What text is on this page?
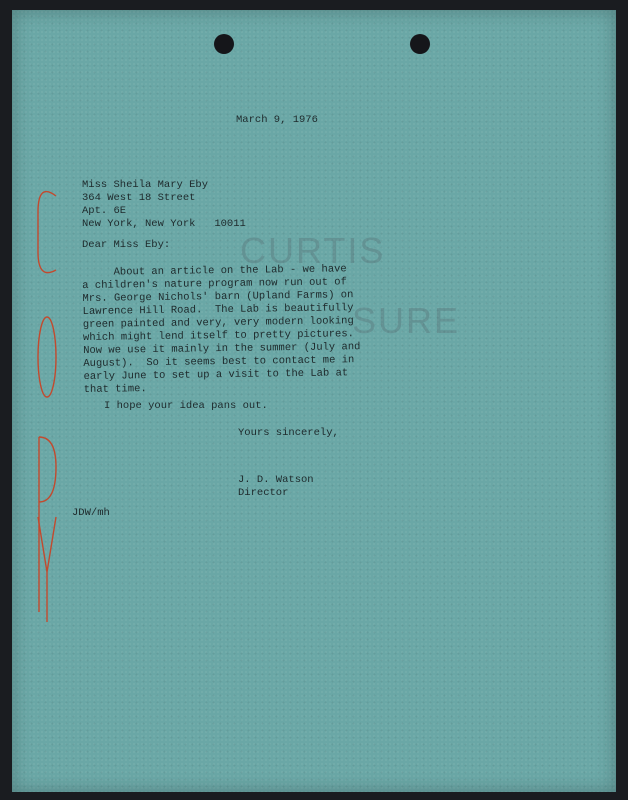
CURTIS
SURE
March 9, 1976
Miss Sheila Mary Eby
364 West 18 Street
Apt. 6E
New York, New York   10011
Dear Miss Eby:
About an article on the Lab - we have
a children's nature program now run out of
Mrs. George Nichols' barn (Upland Farms) on
Lawrence Hill Road.  The Lab is beautifully
green painted and very, very modern looking
which might lend itself to pretty pictures.
Now we use it mainly in the summer (July and
August).  So it seems best to contact me in
early June to set up a visit to the Lab at
that time.
I hope your idea pans out.
Yours sincerely,
J. D. Watson
Director
JDW/mh
